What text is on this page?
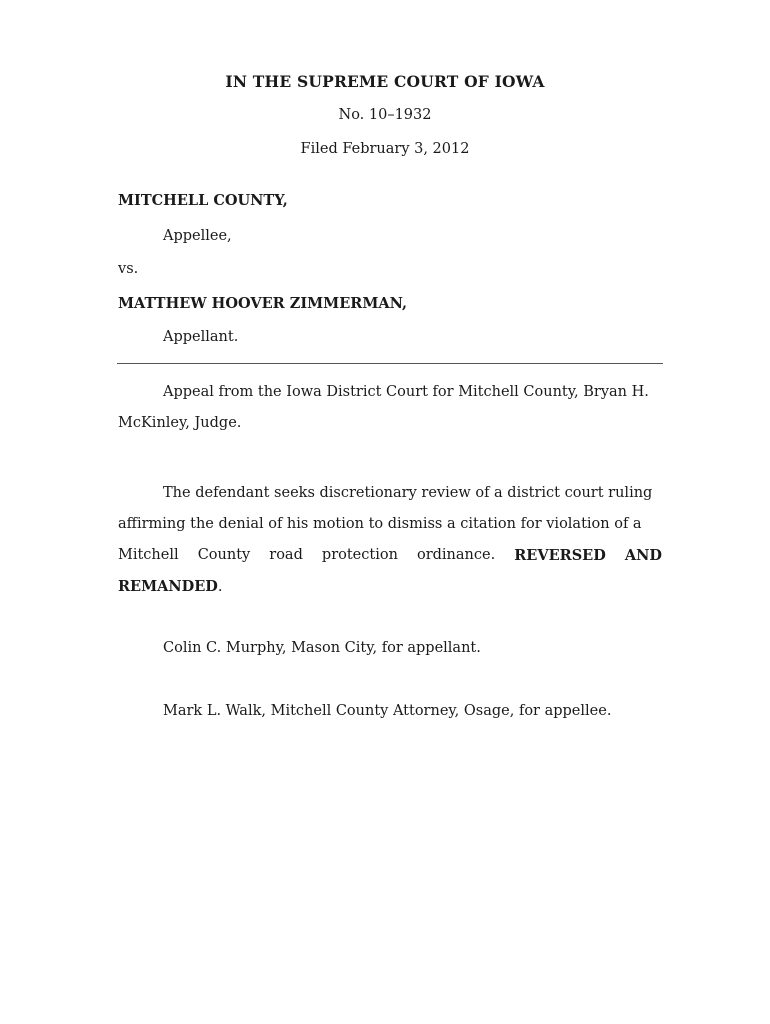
IN THE SUPREME COURT OF IOWA
No. 10–1932
Filed February 3, 2012
MITCHELL COUNTY,
Appellee,
vs.
MATTHEW HOOVER ZIMMERMAN,
Appellant.
Appeal from the Iowa District Court for Mitchell County, Bryan H.
McKinley, Judge.
The defendant seeks discretionary review of a district court ruling
affirming the denial of his motion to dismiss a citation for violation of a
Mitchell County road protection ordinance. REVERSED AND
REMANDED.
Colin C. Murphy, Mason City, for appellant.
Mark L. Walk, Mitchell County Attorney, Osage, for appellee.
